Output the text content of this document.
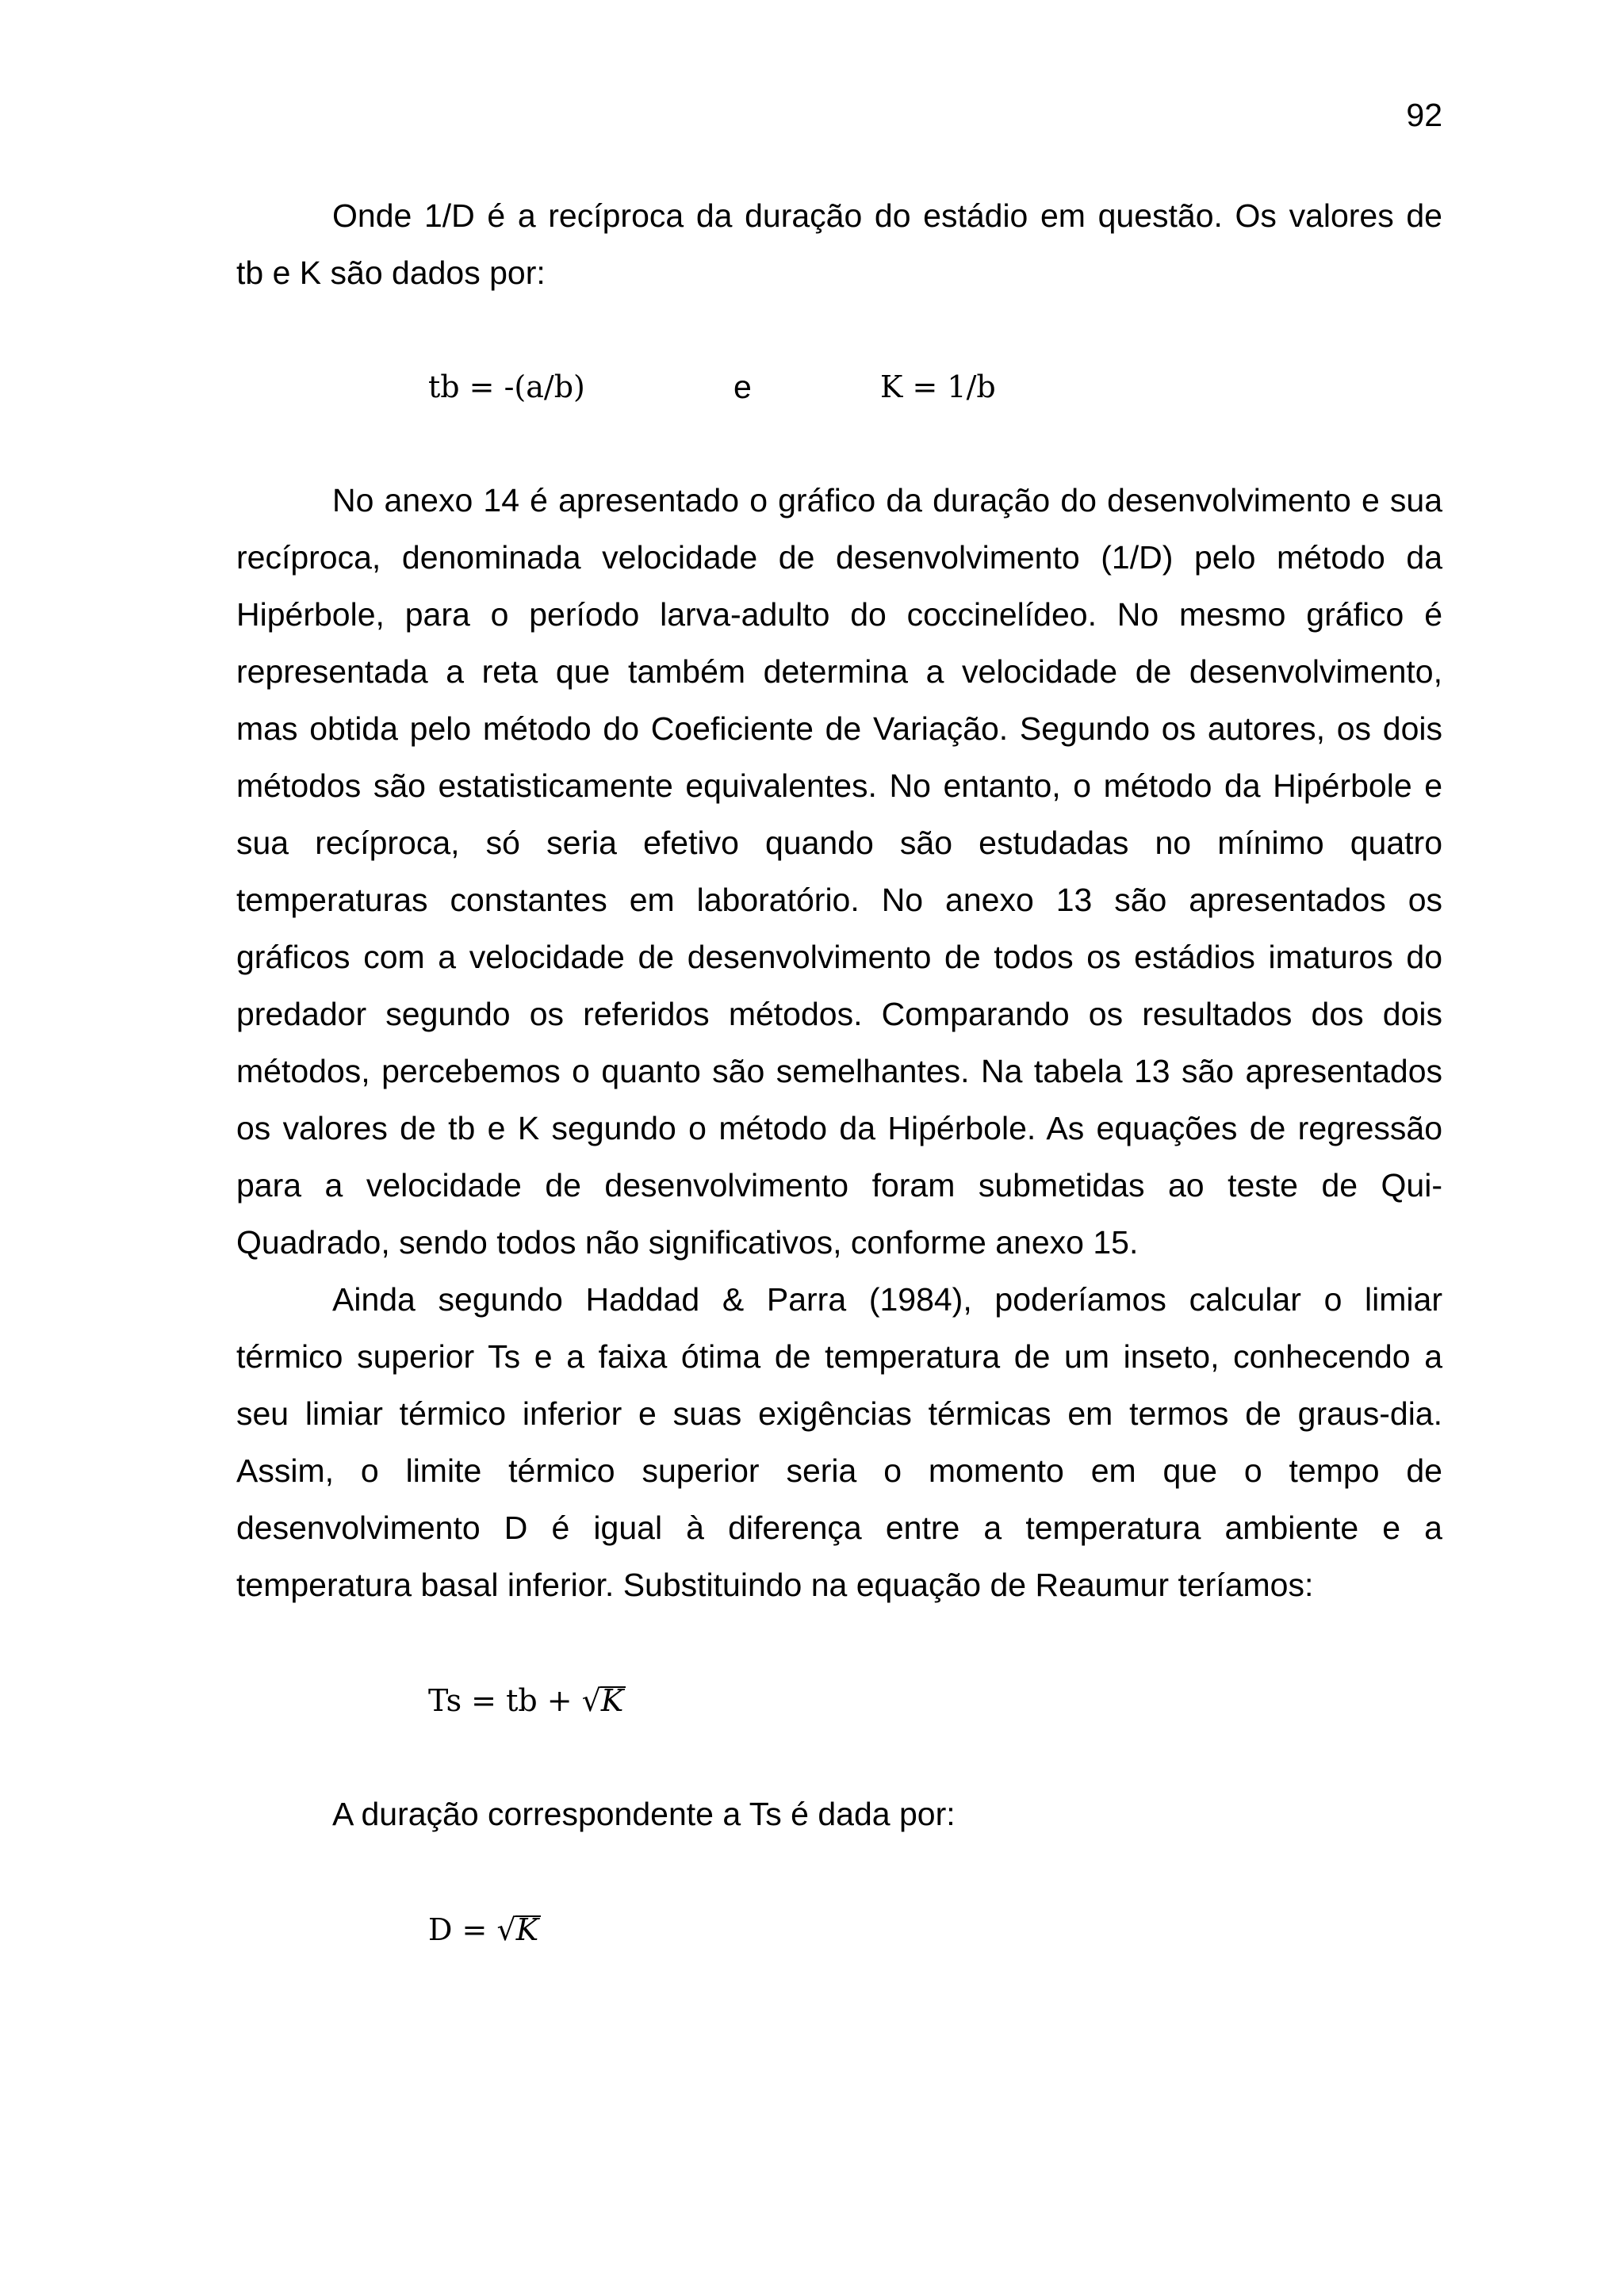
92
Onde 1/D é a recíproca da duração do estádio em questão. Os valores de
tb e K são dados por:
tb = -(a/b)	e	K = 1/b
No anexo 14 é apresentado o gráfico da duração do desenvolvimento e sua
recíproca, denominada velocidade de desenvolvimento (1/D) pelo método da
Hipérbole, para o período larva-adulto do coccinelídeo. No mesmo gráfico é
representada a reta que também determina a velocidade de desenvolvimento,
mas obtida pelo método do Coeficiente de Variação. Segundo os autores, os dois
métodos são estatisticamente equivalentes. No entanto, o método da Hipérbole e
sua recíproca, só seria efetivo quando são estudadas no mínimo quatro
temperaturas constantes em laboratório. No anexo 13 são apresentados os
gráficos com a velocidade de desenvolvimento de todos os estádios imaturos do
predador segundo os referidos métodos. Comparando os resultados dos dois
métodos, percebemos o quanto são semelhantes. Na tabela 13 são apresentados
os valores de tb e K segundo o método da Hipérbole. As equações de regressão
para a velocidade de desenvolvimento foram submetidas ao teste de Qui-
Quadrado, sendo todos não significativos, conforme anexo 15.
Ainda segundo Haddad & Parra (1984), poderíamos calcular o limiar
térmico superior Ts e a faixa ótima de temperatura de um inseto, conhecendo a
seu limiar térmico inferior e suas exigências térmicas em termos de graus-dia.
Assim, o limite térmico superior seria o momento em que o tempo de
desenvolvimento D é igual à diferença entre a temperatura ambiente e a
temperatura basal inferior. Substituindo na equação de Reaumur teríamos:
Ts = tb + √K
A duração correspondente a Ts é dada por:
D = √K
